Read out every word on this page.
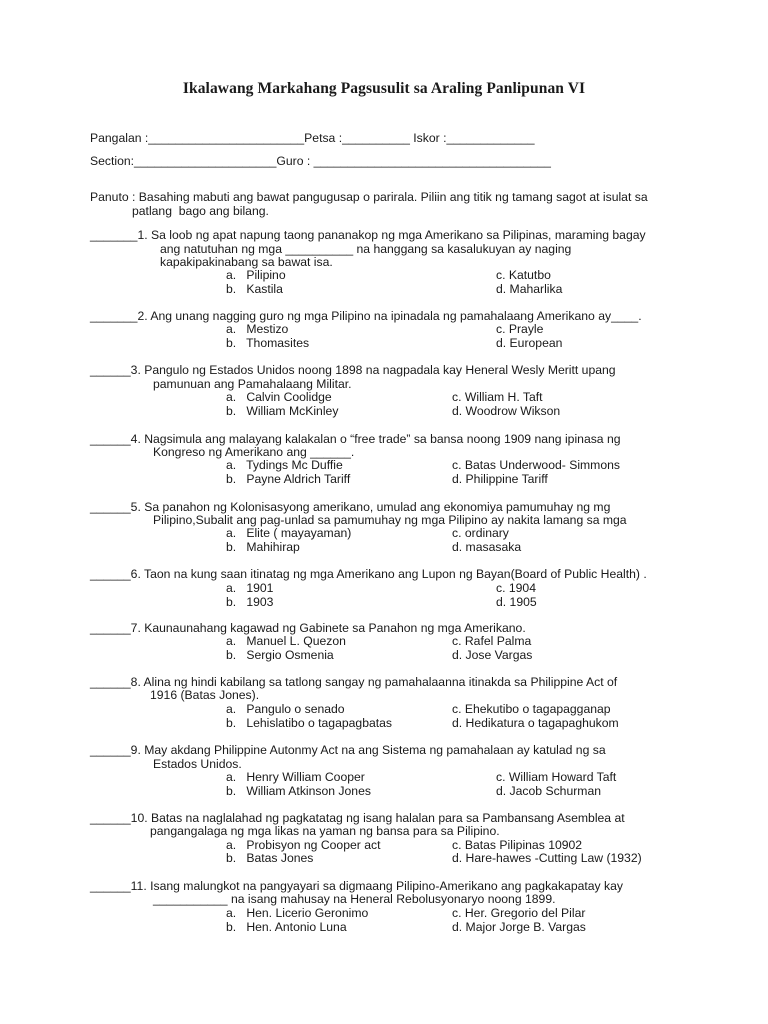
Ikalawang Markahang Pagsusulit sa Araling Panlipunan VI
Pangalan :_______________________Petsa :__________ Iskor :_____________
Section:_____________________Guro : ___________________________________
Panuto : Basahing mabuti ang bawat pangugusap o parirala. Piliin ang titik ng tamang sagot at isulat sa
patlang  bago ang bilang.
_______1. Sa loob ng apat napung taong pananakop ng mga Amerikano sa Pilipinas, maraming bagay
ang natutuhan ng mga __________ na hanggang sa kasalukuyan ay naging
kapakipakinabang sa bawat isa.
a.   Pilipino	c. Katutbo
b.   Kastila	d. Maharlika
_______2. Ang unang nagging guro ng mga Pilipino na ipinadala ng pamahalaang Amerikano ay____.
a.   Mestizo	c. Prayle
b.   Thomasites	d. European
______3. Pangulo ng Estados Unidos noong 1898 na nagpadala kay Heneral Wesly Meritt upang
pamunuan ang Pamahalaang Militar.
a.   Calvin Coolidge	c. William H. Taft
b.   William McKinley	d. Woodrow Wikson
______4. Nagsimula ang malayang kalakalan o “free trade” sa bansa noong 1909 nang ipinasa ng
Kongreso ng Amerikano ang ______.
a.   Tydings Mc Duffie	c. Batas Underwood- Simmons
b.   Payne Aldrich Tariff	d. Philippine Tariff
______5. Sa panahon ng Kolonisasyong amerikano, umulad ang ekonomiya pamumuhay ng mg
Pilipino,Subalit ang pag-unlad sa pamumuhay ng mga Pilipino ay nakita lamang sa mga
a.   Elite ( mayayaman)	c. ordinary
b.   Mahihirap	d. masasaka
______6. Taon na kung saan itinatag ng mga Amerikano ang Lupon ng Bayan(Board of Public Health) .
a.   1901	c. 1904
b.   1903	d. 1905
______7. Kaunaunahang kagawad ng Gabinete sa Panahon ng mga Amerikano.
a.   Manuel L. Quezon	c. Rafel Palma
b.   Sergio Osmenia	d. Jose Vargas
______8. Alina ng hindi kabilang sa tatlong sangay ng pamahalaanna itinakda sa Philippine Act of
1916 (Batas Jones).
a.   Pangulo o senado	c. Ehekutibo o tagapagganap
b.   Lehislatibo o tagapagbatas	d. Hedikatura o tagapaghukom
______9. May akdang Philippine Autonmy Act na ang Sistema ng pamahalaan ay katulad ng sa
Estados Unidos.
a.   Henry William Cooper	c. William Howard Taft
b.   William Atkinson Jones	d. Jacob Schurman
______10. Batas na naglalahad ng pagkatatag ng isang halalan para sa Pambansang Asemblea at
pangangalaga ng mga likas na yaman ng bansa para sa Pilipino.
a.   Probisyon ng Cooper act	c. Batas Pilipinas 10902
b.   Batas Jones	d. Hare-hawes -Cutting Law (1932)
______11. Isang malungkot na pangyayari sa digmaang Pilipino-Amerikano ang pagkakapatay kay
___________ na isang mahusay na Heneral Rebolusyonaryo noong 1899.
a.   Hen. Licerio Geronimo	c. Her. Gregorio del Pilar
b.   Hen. Antonio Luna	d. Major Jorge B. Vargas
